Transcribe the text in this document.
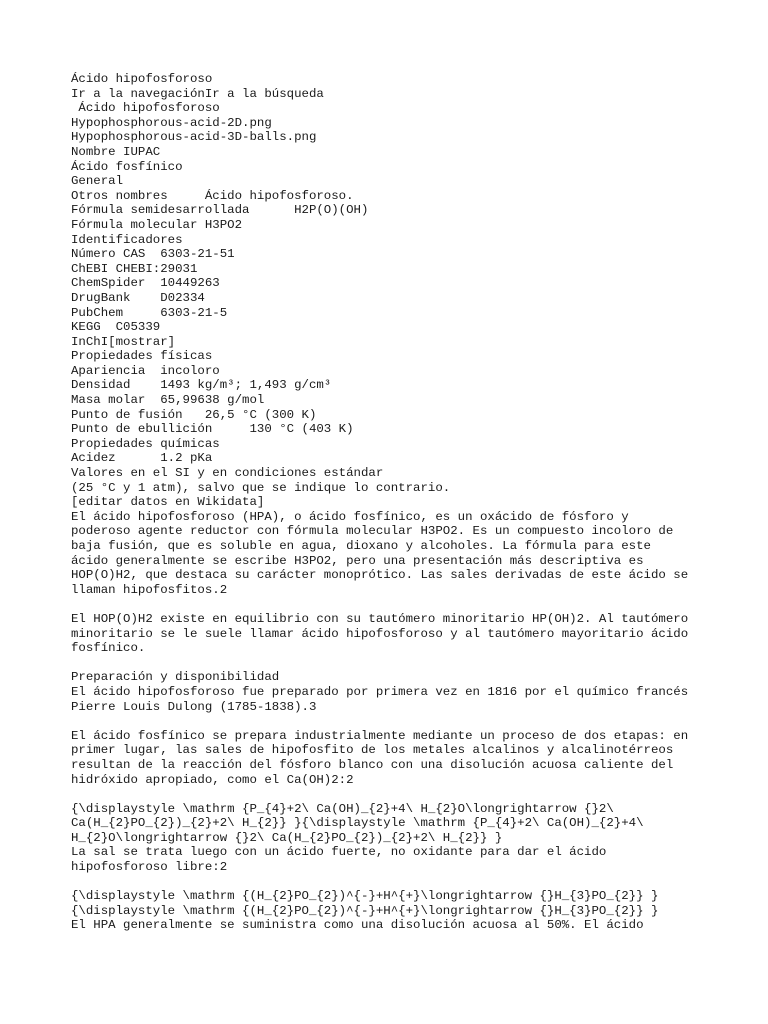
Ácido hipofosforoso
Ir a la navegaciónIr a la búsqueda
Ácido hipofosforoso
Hypophosphorous-acid-2D.png
Hypophosphorous-acid-3D-balls.png
Nombre IUPAC
Ácido fosfínico
General
Otros nombres     Ácido hipofosforoso.
Fórmula semidesarrollada      H2P(O)(OH)
Fórmula molecular H3PO2
Identificadores
Número CAS  6303-21-51
ChEBI CHEBI:29031
ChemSpider  10449263
DrugBank    D02334
PubChem     6303-21-5
KEGG  C05339
InChI[mostrar]
Propiedades físicas
Apariencia  incoloro
Densidad    1493 kg/m³; 1,493 g/cm³
Masa molar  65,99638 g/mol
Punto de fusión   26,5 °C (300 K)
Punto de ebullición     130 °C (403 K)
Propiedades químicas
Acidez      1.2 pKa
Valores en el SI y en condiciones estándar
(25 °C y 1 atm), salvo que se indique lo contrario.
[editar datos en Wikidata]
El ácido hipofosforoso (HPA), o ácido fosfínico, es un oxácido de fósforo y
poderoso agente reductor con fórmula molecular H3PO2. Es un compuesto incoloro de
baja fusión, que es soluble en agua, dioxano y alcoholes. La fórmula para este
ácido generalmente se escribe H3PO2, pero una presentación más descriptiva es
HOP(O)H2, que destaca su carácter monoprótico. Las sales derivadas de este ácido se
llaman hipofosfitos.2
El HOP(O)H2 existe en equilibrio con su tautómero minoritario HP(OH)2. Al tautómero
minoritario se le suele llamar ácido hipofosforoso y al tautómero mayoritario ácido
fosfínico.
Preparación y disponibilidad
El ácido hipofosforoso fue preparado por primera vez en 1816 por el químico francés
Pierre Louis Dulong (1785-1838).3
El ácido fosfínico se prepara industrialmente mediante un proceso de dos etapas: en
primer lugar, las sales de hipofosfito de los metales alcalinos y alcalinotérreos
resultan de la reacción del fósforo blanco con una disolución acuosa caliente del
hidróxido apropiado, como el Ca(OH)2:2
{\displaystyle \mathrm {P_{4}+2\ Ca(OH)_{2}+4\ H_{2}O\longrightarrow {}2\
Ca(H_{2}PO_{2})_{2}+2\ H_{2}} }{\displaystyle \mathrm {P_{4}+2\ Ca(OH)_{2}+4\
H_{2}O\longrightarrow {}2\ Ca(H_{2}PO_{2})_{2}+2\ H_{2}} }
La sal se trata luego con un ácido fuerte, no oxidante para dar el ácido
hipofosforoso libre:2
{\displaystyle \mathrm {(H_{2}PO_{2})^{-}+H^{+}\longrightarrow {}H_{3}PO_{2}} }
{\displaystyle \mathrm {(H_{2}PO_{2})^{-}+H^{+}\longrightarrow {}H_{3}PO_{2}} }
El HPA generalmente se suministra como una disolución acuosa al 50%. El ácido
